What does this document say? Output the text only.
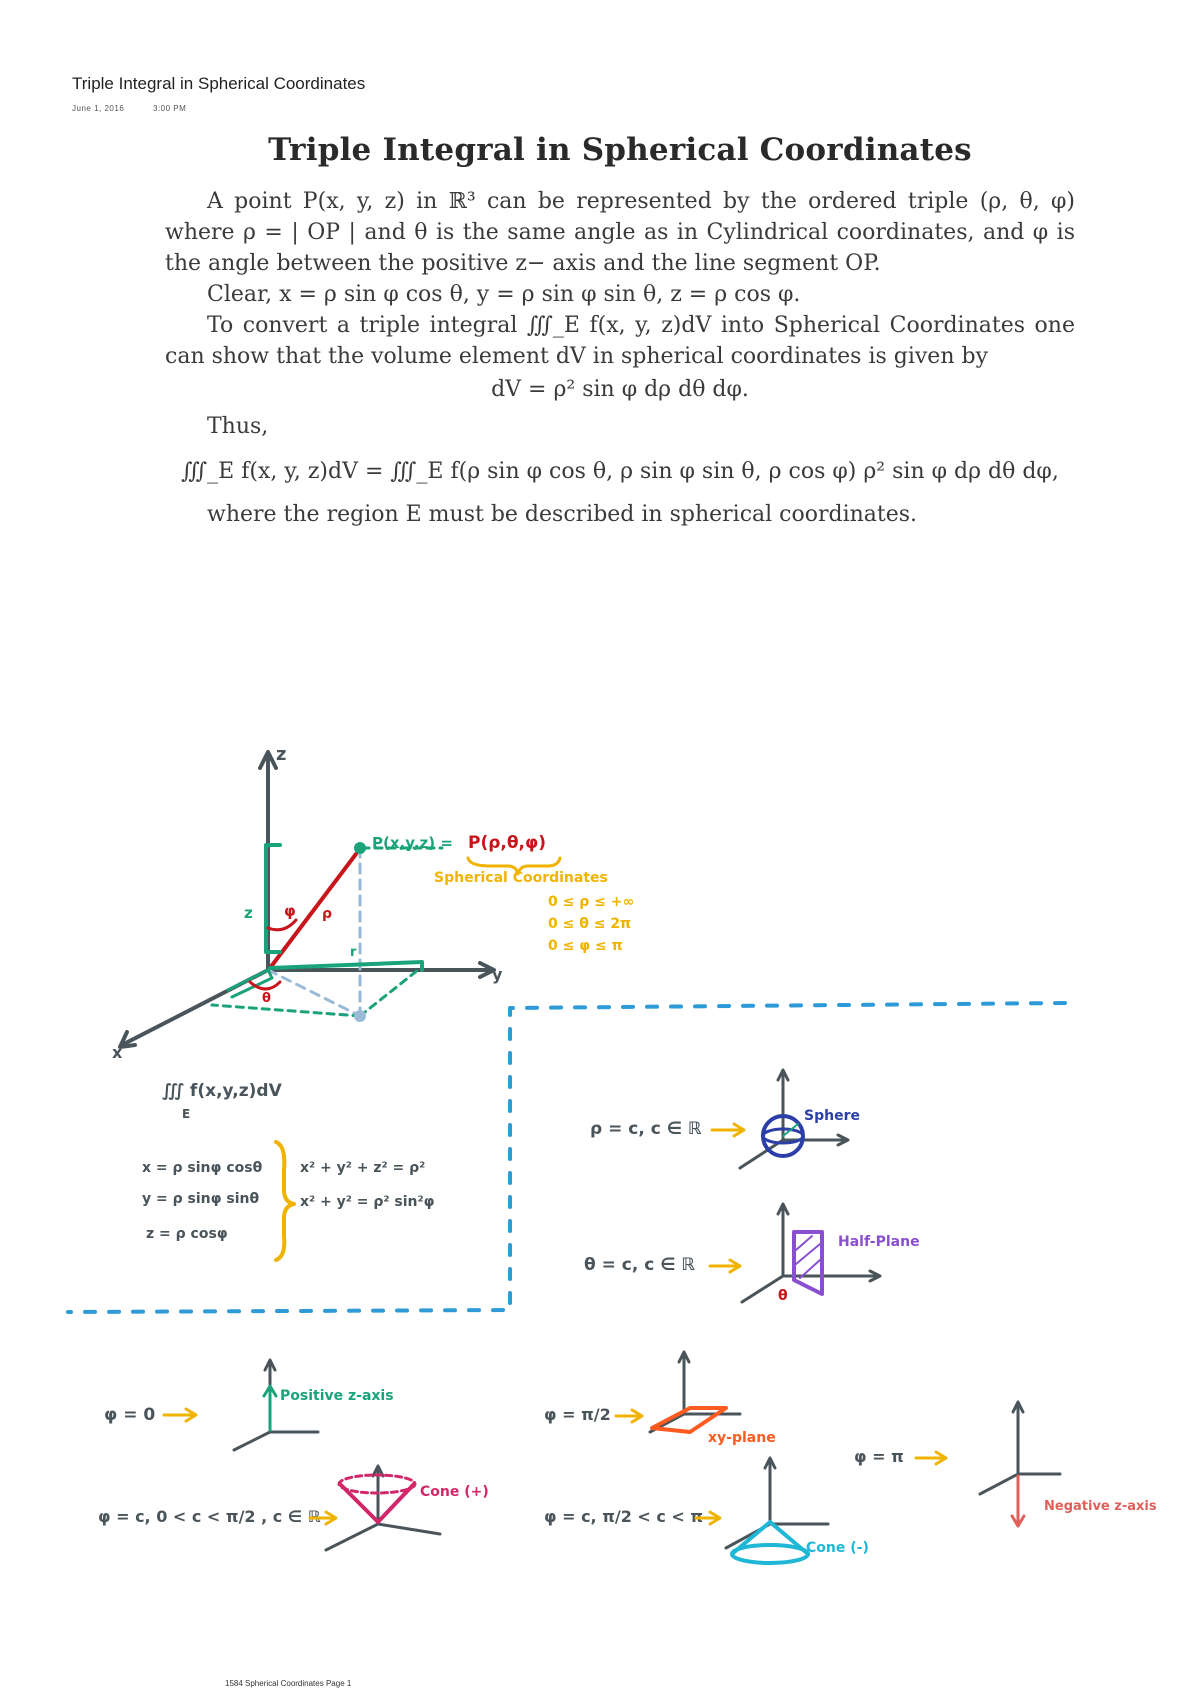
Triple Integral in Spherical Coordinates
June 1, 2016	3:00 PM
Triple Integral in Spherical Coordinates

A point P(x, y, z) in ℝ³ can be represented by the ordered triple (ρ, θ, φ) where ρ = | OP | and θ is the same angle as in Cylindrical coordinates, and φ is the angle between the positive z− axis and the line segment OP.

Clear, x = ρ sin φ cos θ, y = ρ sin φ sin θ, z = ρ cos φ.

To convert a triple integral ∭_E f(x, y, z)dV into Spherical Coordinates one can show that the volume element dV in spherical coordinates is given by

dV = ρ² sin φ dρ dθ dφ.

Thus,

∭_E f(x, y, z)dV = ∭_E f(ρ sin φ cos θ, ρ sin φ sin θ, ρ cos φ) ρ² sin φ dρ dθ dφ,

where the region E must be described in spherical coordinates.

z
y
x
z φ ρ
r
θ
P(x,y,z) = P(ρ,θ,φ)
Spherical Coordinates
0 ≤ ρ ≤ +∞
0 ≤ θ ≤ 2π
0 ≤ φ ≤ π
∭ f(x,y,z)dV
E
x = ρ sinφ cosθ
y = ρ sinφ sinθ
z = ρ cosφ
x² + y² + z² = ρ²
x² + y² = ρ² sin²φ
ρ = c, c ∈ ℝ
Sphere
θ = c, c ∈ ℝ
θ
Half-Plane
φ = 0
Positive z-axis
φ = π/2
xy-plane
φ = π
Negative z-axis
φ = c, 0 < c < π/2 , c ∈ ℝ
Cone (+)
φ = c, π/2 < c < π
Cone (-)
1584 Spherical Coordinates Page 1
